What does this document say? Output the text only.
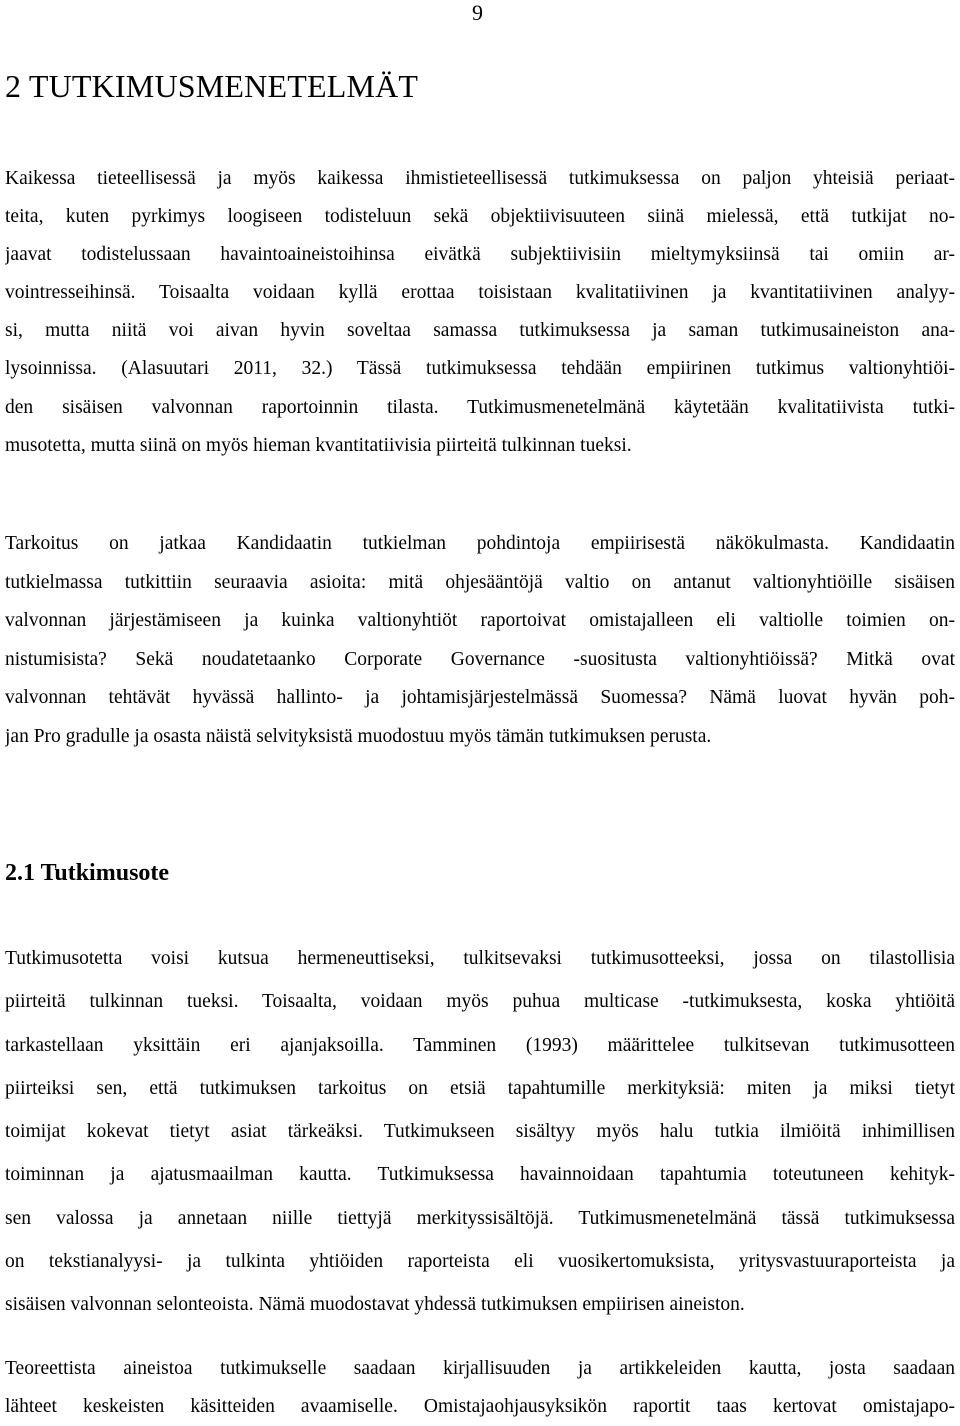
9
2 TUTKIMUSMENETELMÄT
Kaikessa tieteellisessä ja myös kaikessa ihmistieteellisessä tutkimuksessa on paljon yhteisiä periaat-
teita, kuten pyrkimys loogiseen todisteluun sekä objektiivisuuteen siinä mielessä, että tutkijat no-
jaavat todistelussaan havaintoaineistoihinsa eivätkä subjektiivisiin mieltymyksiinsä tai omiin ar-
vointresseihinsä. Toisaalta voidaan kyllä erottaa toisistaan kvalitatiivinen ja kvantitatiivinen analyy-
si, mutta niitä voi aivan hyvin soveltaa samassa tutkimuksessa ja saman tutkimusaineiston ana-
lysoinnissa. (Alasuutari 2011, 32.) Tässä tutkimuksessa tehdään empiirinen tutkimus valtionyhtiöi-
den sisäisen valvonnan raportoinnin tilasta. Tutkimusmenetelmänä käytetään kvalitatiivista tutki-
musotetta, mutta siinä on myös hieman kvantitatiivisia piirteitä tulkinnan tueksi.
Tarkoitus on jatkaa Kandidaatin tutkielman pohdintoja empiirisestä näkökulmasta. Kandidaatin
tutkielmassa tutkittiin seuraavia asioita: mitä ohjesääntöjä valtio on antanut valtionyhtiöille sisäisen
valvonnan järjestämiseen ja kuinka valtionyhtiöt raportoivat omistajalleen eli valtiolle toimien on-
nistumisista? Sekä noudatetaanko Corporate Governance -suositusta valtionyhtiöissä? Mitkä ovat
valvonnan tehtävät hyvässä hallinto- ja johtamisjärjestelmässä Suomessa? Nämä luovat hyvän poh-
jan Pro gradulle ja osasta näistä selvityksistä muodostuu myös tämän tutkimuksen perusta.
2.1 Tutkimusote
Tutkimusotetta voisi kutsua hermeneuttiseksi, tulkitsevaksi tutkimusotteeksi, jossa on tilastollisia
piirteitä tulkinnan tueksi. Toisaalta, voidaan myös puhua multicase -tutkimuksesta, koska yhtiöitä
tarkastellaan yksittäin eri ajanjaksoilla. Tamminen (1993) määrittelee tulkitsevan tutkimusotteen
piirteiksi sen, että tutkimuksen tarkoitus on etsiä tapahtumille merkityksiä: miten ja miksi tietyt
toimijat kokevat tietyt asiat tärkeäksi. Tutkimukseen sisältyy myös halu tutkia ilmiöitä inhimillisen
toiminnan ja ajatusmaailman kautta. Tutkimuksessa havainnoidaan tapahtumia toteutuneen kehityk-
sen valossa ja annetaan niille tiettyjä merkityssisältöjä. Tutkimusmenetelmänä tässä tutkimuksessa
on tekstianalyysi- ja tulkinta yhtiöiden raporteista eli vuosikertomuksista, yritysvastuuraporteista ja
sisäisen valvonnan selonteoista. Nämä muodostavat yhdessä tutkimuksen empiirisen aineiston.
Teoreettista aineistoa tutkimukselle saadaan kirjallisuuden ja artikkeleiden kautta, josta saadaan
lähteet keskeisten käsitteiden avaamiselle. Omistajaohjausyksikön raportit taas kertovat omistajapo-
